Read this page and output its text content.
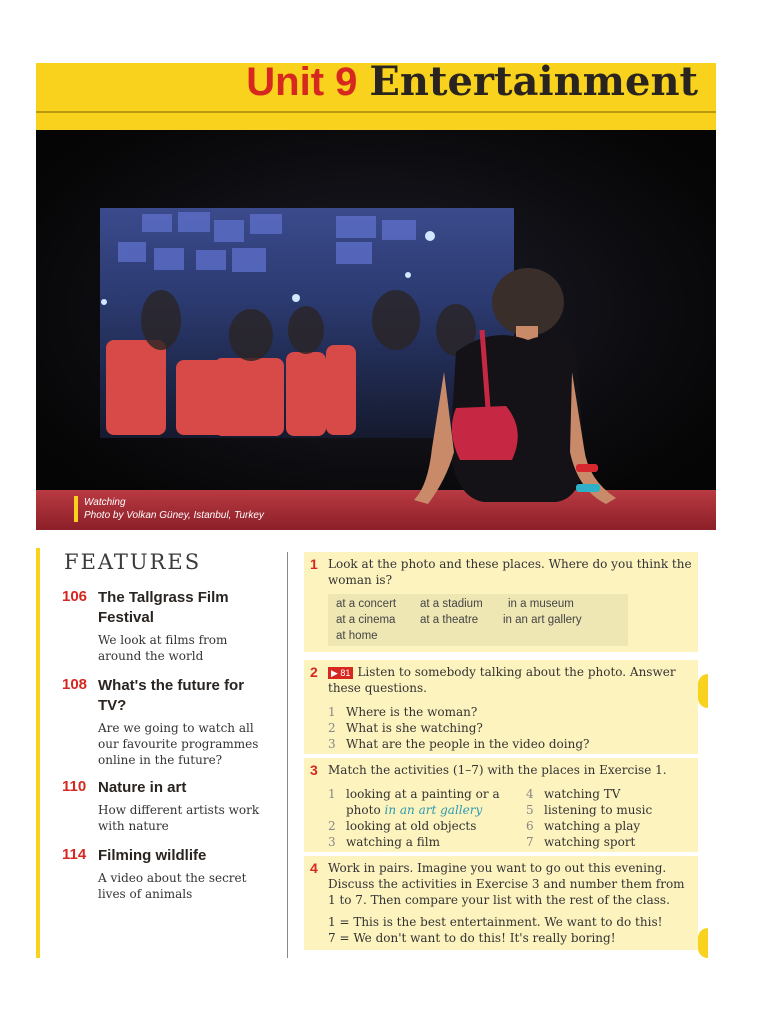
Unit 9 Entertainment
Watching
Photo by Volkan Güney, Istanbul, Turkey
FEATURES
106 The Tallgrass Film Festival
We look at films from around the world
108 What's the future for TV?
Are we going to watch all our favourite programmes online in the future?
110 Nature in art
How different artists work with nature
114 Filming wildlife
A video about the secret lives of animals
1 Look at the photo and these places. Where do you think the woman is?
at a concert at a stadium in a museum
at a cinema at a theatre in an art gallery
at home
2	▶ 81 Listen to somebody talking about the photo. Answer these questions.
1 Where is the woman?
2 What is she watching?
3 What are the people in the video doing?
3 Match the activities (1–7) with the places in Exercise 1.
1 looking at a painting or a
photo in an art gallery
2 looking at old objects
3 watching a film
4 watching TV
5 listening to music
6 watching a play
7 watching sport
4 Work in pairs. Imagine you want to go out this evening. Discuss the activities in Exercise 3 and number them from 1 to 7. Then compare your list with the rest of the class.
1 = This is the best entertainment. We want to do this!
7 = We don't want to do this! It's really boring!
